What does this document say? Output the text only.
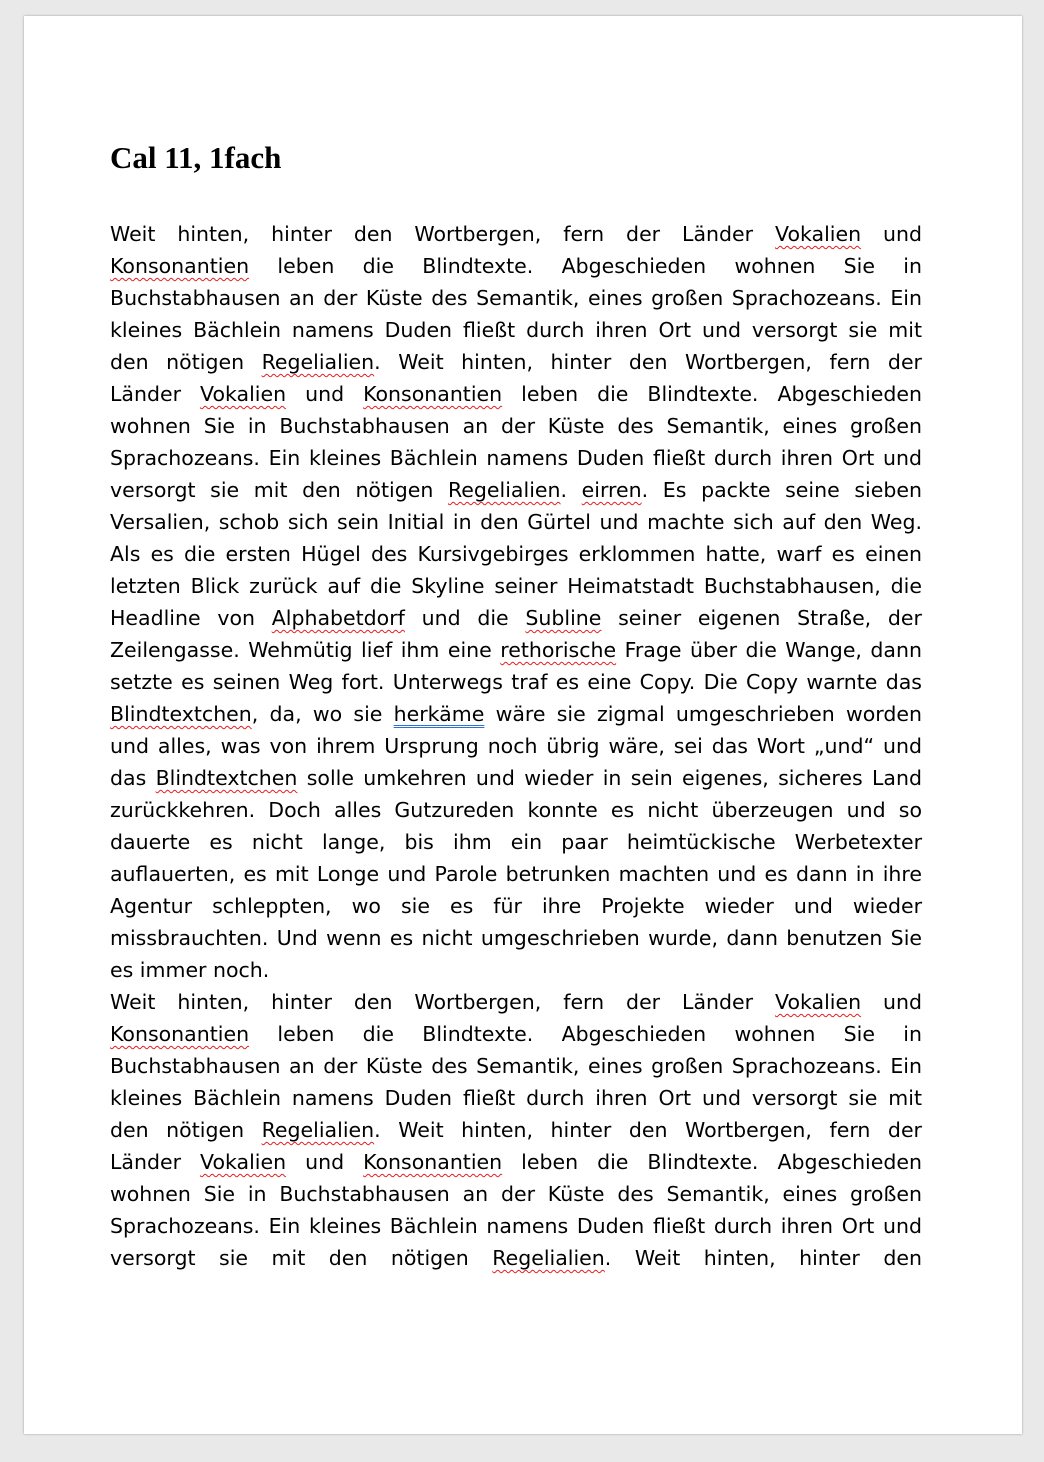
Cal 11, 1fach
Weit hinten, hinter den Wortbergen, fern der Länder Vokalien und
Konsonantien leben die Blindtexte. Abgeschieden wohnen Sie in
Buchstabhausen an der Küste des Semantik, eines großen Sprachozeans. Ein
kleines Bächlein namens Duden fließt durch ihren Ort und versorgt sie mit
den nötigen Regelialien. Weit hinten, hinter den Wortbergen, fern der
Länder Vokalien und Konsonantien leben die Blindtexte. Abgeschieden
wohnen Sie in Buchstabhausen an der Küste des Semantik, eines großen
Sprachozeans. Ein kleines Bächlein namens Duden fließt durch ihren Ort und
versorgt sie mit den nötigen Regelialien. eirren. Es packte seine sieben
Versalien, schob sich sein Initial in den Gürtel und machte sich auf den Weg.
Als es die ersten Hügel des Kursivgebirges erklommen hatte, warf es einen
letzten Blick zurück auf die Skyline seiner Heimatstadt Buchstabhausen, die
Headline von Alphabetdorf und die Subline seiner eigenen Straße, der
Zeilengasse. Wehmütig lief ihm eine rethorische Frage über die Wange, dann
setzte es seinen Weg fort. Unterwegs traf es eine Copy. Die Copy warnte das
Blindtextchen, da, wo sie herkäme wäre sie zigmal umgeschrieben worden
und alles, was von ihrem Ursprung noch übrig wäre, sei das Wort „und“ und
das Blindtextchen solle umkehren und wieder in sein eigenes, sicheres Land
zurückkehren. Doch alles Gutzureden konnte es nicht überzeugen und so
dauerte es nicht lange, bis ihm ein paar heimtückische Werbetexter
auflauerten, es mit Longe und Parole betrunken machten und es dann in ihre
Agentur schleppten, wo sie es für ihre Projekte wieder und wieder
missbrauchten. Und wenn es nicht umgeschrieben wurde, dann benutzen Sie
es immer noch.
Weit hinten, hinter den Wortbergen, fern der Länder Vokalien und
Konsonantien leben die Blindtexte. Abgeschieden wohnen Sie in
Buchstabhausen an der Küste des Semantik, eines großen Sprachozeans. Ein
kleines Bächlein namens Duden fließt durch ihren Ort und versorgt sie mit
den nötigen Regelialien. Weit hinten, hinter den Wortbergen, fern der
Länder Vokalien und Konsonantien leben die Blindtexte. Abgeschieden
wohnen Sie in Buchstabhausen an der Küste des Semantik, eines großen
Sprachozeans. Ein kleines Bächlein namens Duden fließt durch ihren Ort und
versorgt sie mit den nötigen Regelialien. Weit hinten, hinter den
